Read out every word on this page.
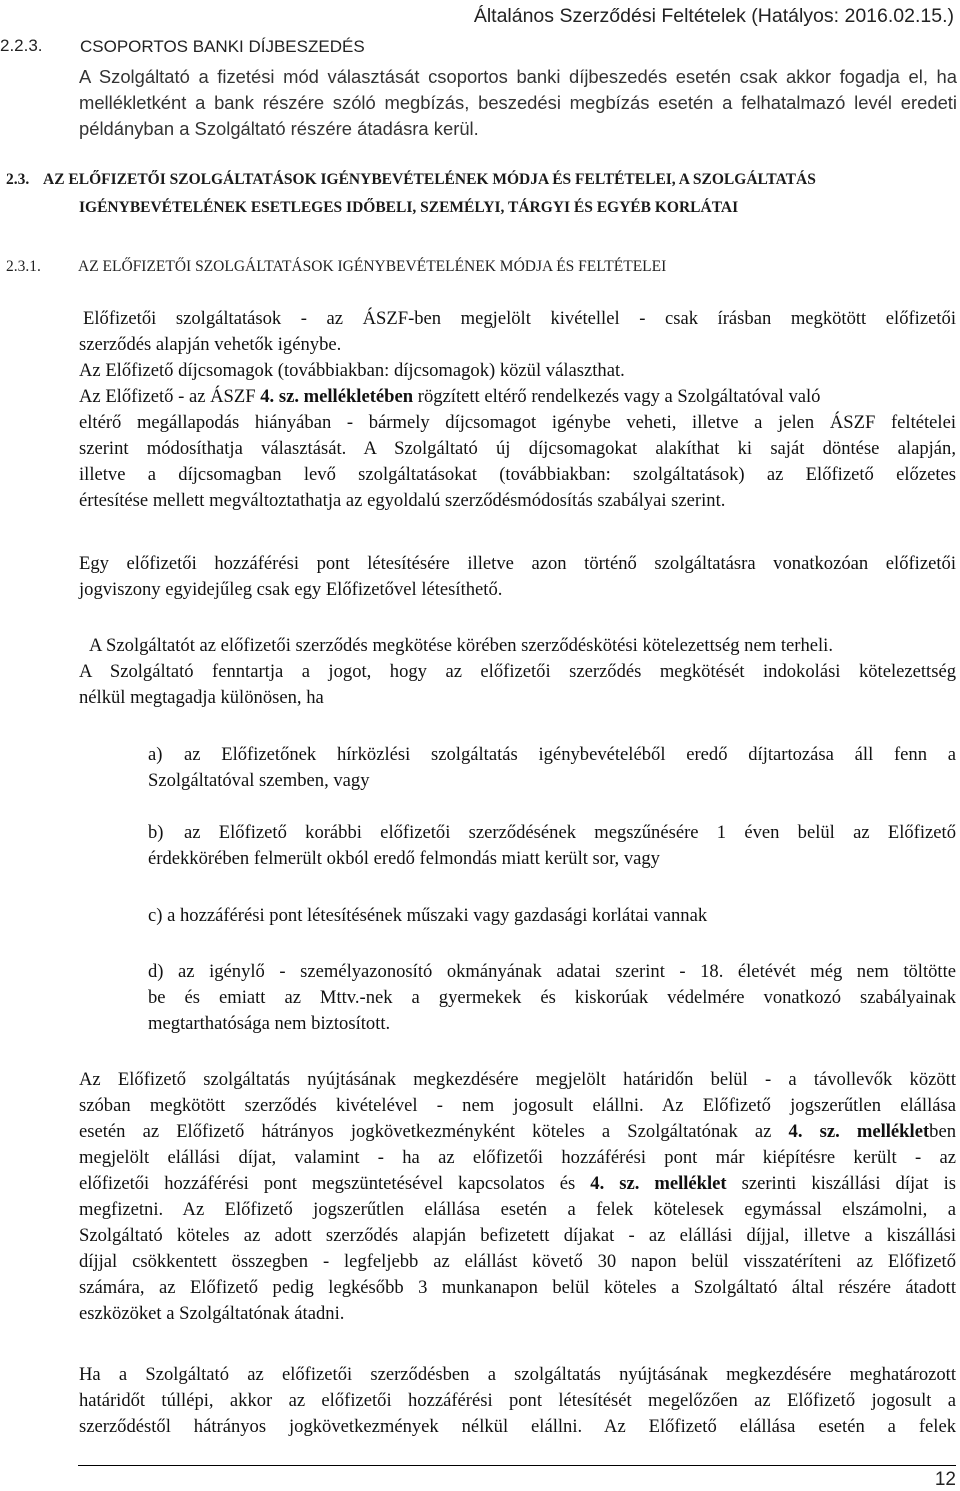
Általános Szerződési Feltételek (Hatályos: 2016.02.15.)
2.2.3. CSOPORTOS BANKI DÍJBESZEDÉS
A Szolgáltató a fizetési mód választását csoportos banki díjbeszedés esetén csak akkor fogadja el, ha
mellékletként a bank részére szóló megbízás, beszedési megbízás esetén a felhatalmazó levél eredeti
példányban a Szolgáltató részére átadásra kerül.
2.3. AZ ELŐFIZETŐI SZOLGÁLTATÁSOK IGÉNYBEVÉTELÉNEK MÓDJA ÉS FELTÉTELEI, A SZOLGÁLTATÁS
IGÉNYBEVÉTELÉNEK ESETLEGES IDŐBELI, SZEMÉLYI, TÁRGYI ÉS EGYÉB KORLÁTAI
2.3.1. AZ ELŐFIZETŐI SZOLGÁLTATÁSOK IGÉNYBEVÉTELÉNEK MÓDJA ÉS FELTÉTELEI
Előfizetői szolgáltatások - az ÁSZF-ben megjelölt kivétellel - csak írásban megkötött előfizetői
szerződés alapján vehetők igénybe.
Az Előfizető díjcsomagok (továbbiakban: díjcsomagok) közül választhat.
Az Előfizető - az ÁSZF 4. sz. mellékletében rögzített eltérő rendelkezés vagy a Szolgáltatóval való
eltérő megállapodás hiányában - bármely díjcsomagot igénybe veheti, illetve a jelen ÁSZF feltételei
szerint módosíthatja választását. A Szolgáltató új díjcsomagokat alakíthat ki saját döntése alapján,
illetve a díjcsomagban levő szolgáltatásokat (továbbiakban: szolgáltatások) az Előfizető előzetes
értesítése mellett megváltoztathatja az egyoldalú szerződésmódosítás szabályai szerint.
Egy előfizetői hozzáférési pont létesítésére illetve azon történő szolgáltatásra vonatkozóan előfizetői
jogviszony egyidejűleg csak egy Előfizetővel létesíthető.
A Szolgáltatót az előfizetői szerződés megkötése körében szerződéskötési kötelezettség nem terheli.
A Szolgáltató fenntartja a jogot, hogy az előfizetői szerződés megkötését indokolási kötelezettség
nélkül megtagadja különösen, ha
a) az Előfizetőnek hírközlési szolgáltatás igénybevételéből eredő díjtartozása áll fenn a
Szolgáltatóval szemben, vagy
b) az Előfizető korábbi előfizetői szerződésének megszűnésére 1 éven belül az Előfizető
érdekkörében felmerült okból eredő felmondás miatt került sor, vagy
c) a hozzáférési pont létesítésének műszaki vagy gazdasági korlátai vannak
d) az igénylő - személyazonosító okmányának adatai szerint - 18. életévét még nem töltötte
be és emiatt az Mttv.-nek a gyermekek és kiskorúak védelmére vonatkozó szabályainak
megtarthatósága nem biztosított.
Az Előfizető szolgáltatás nyújtásának megkezdésére megjelölt határidőn belül - a távollevők között
szóban megkötött szerződés kivételével - nem jogosult elállni. Az Előfizető jogszerűtlen elállása
esetén az Előfizető hátrányos jogkövetkezményként köteles a Szolgáltatónak az 4. sz. mellékletben
megjelölt elállási díjat, valamint - ha az előfizetői hozzáférési pont már kiépítésre került - az
előfizetői hozzáférési pont megszüntetésével kapcsolatos és 4. sz. melléklet szerinti kiszállási díjat is
megfizetni. Az Előfizető jogszerűtlen elállása esetén a felek kötelesek egymással elszámolni, a
Szolgáltató köteles az adott szerződés alapján befizetett díjakat - az elállási díjjal, illetve a kiszállási
díjjal csökkentett összegben - legfeljebb az elállást követő 30 napon belül visszatéríteni az Előfizető
számára, az Előfizető pedig legkésőbb 3 munkanapon belül köteles a Szolgáltató által részére átadott
eszközöket a Szolgáltatónak átadni.
Ha a Szolgáltató az előfizetői szerződésben a szolgáltatás nyújtásának megkezdésére meghatározott
határidőt túllépi, akkor az előfizetői hozzáférési pont létesítését megelőzően az Előfizető jogosult a
szerződéstől hátrányos jogkövetkezmények nélkül elállni. Az Előfizető elállása esetén a felek
12
